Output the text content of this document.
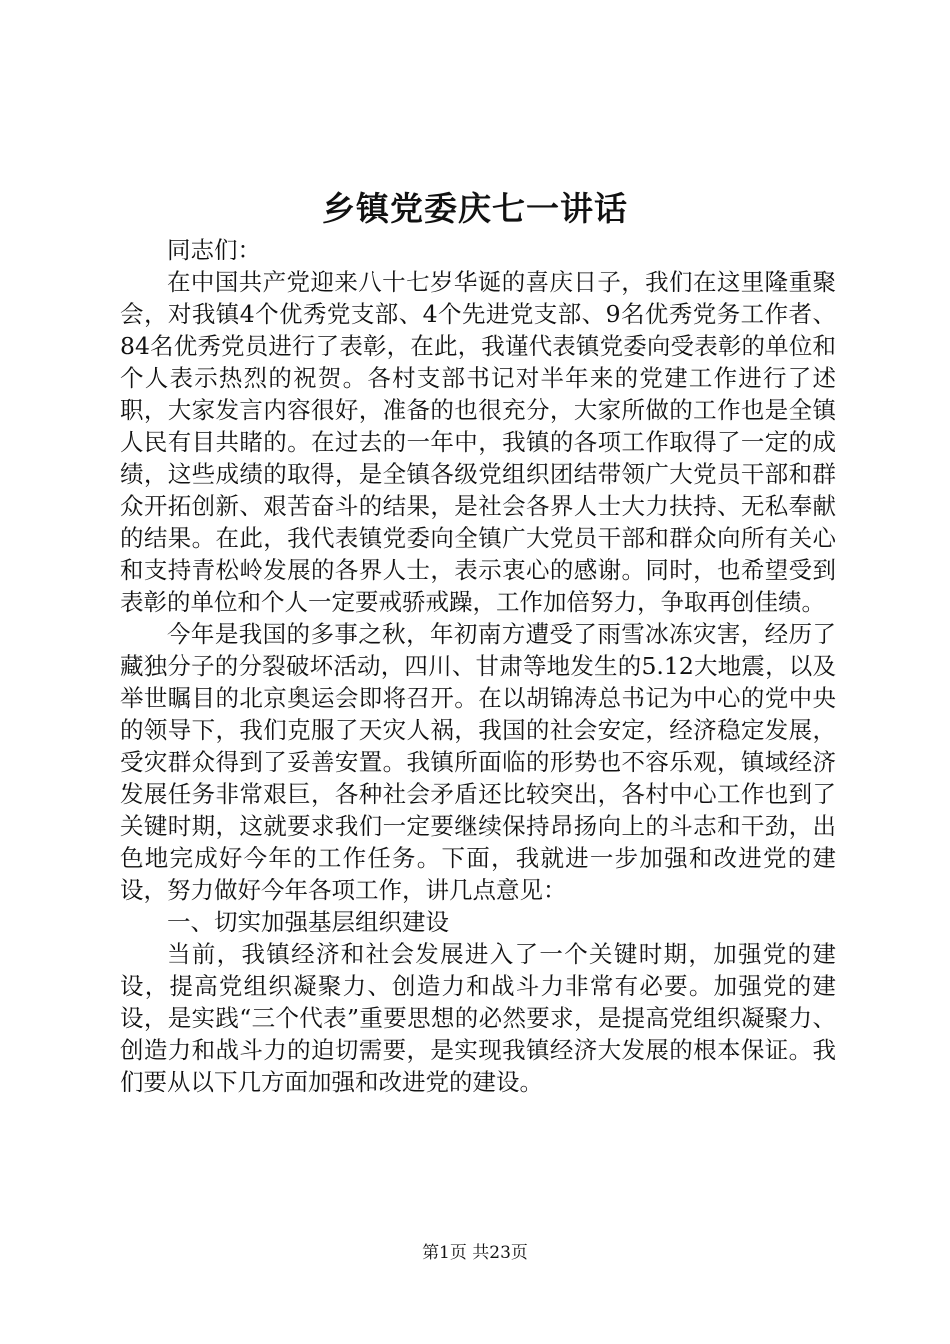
乡镇党委庆七一讲话

同志们：

在中国共产党迎来八十七岁华诞的喜庆日子，我们在这里隆重聚会，对我镇4个优秀党支部、4个先进党支部、9名优秀党务工作者、84名优秀党员进行了表彰，在此，我谨代表镇党委向受表彰的单位和个人表示热烈的祝贺。各村支部书记对半年来的党建工作进行了述职，大家发言内容很好，准备的也很充分，大家所做的工作也是全镇人民有目共睹的。在过去的一年中，我镇的各项工作取得了一定的成绩，这些成绩的取得，是全镇各级党组织团结带领广大党员干部和群众开拓创新、艰苦奋斗的结果，是社会各界人士大力扶持、无私奉献的结果。在此，我代表镇党委向全镇广大党员干部和群众向所有关心和支持青松岭发展的各界人士，表示衷心的感谢。同时，也希望受到表彰的单位和个人一定要戒骄戒躁，工作加倍努力，争取再创佳绩。

今年是我国的多事之秋，年初南方遭受了雨雪冰冻灾害，经历了藏独分子的分裂破坏活动，四川、甘肃等地发生的5.12大地震，以及举世瞩目的北京奥运会即将召开。在以胡锦涛总书记为中心的党中央的领导下，我们克服了天灾人祸，我国的社会安定，经济稳定发展，受灾群众得到了妥善安置。我镇所面临的形势也不容乐观，镇域经济发展任务非常艰巨，各种社会矛盾还比较突出，各村中心工作也到了关键时期，这就要求我们一定要继续保持昂扬向上的斗志和干劲，出色地完成好今年的工作任务。下面，我就进一步加强和改进党的建设，努力做好今年各项工作，讲几点意见：

一、切实加强基层组织建设

当前，我镇经济和社会发展进入了一个关键时期，加强党的建设，提高党组织凝聚力、创造力和战斗力非常有必要。加强党的建设，是实践“三个代表”重要思想的必然要求，是提高党组织凝聚力、创造力和战斗力的迫切需要，是实现我镇经济大发展的根本保证。我们要从以下几方面加强和改进党的建设。

第1页 共23页
